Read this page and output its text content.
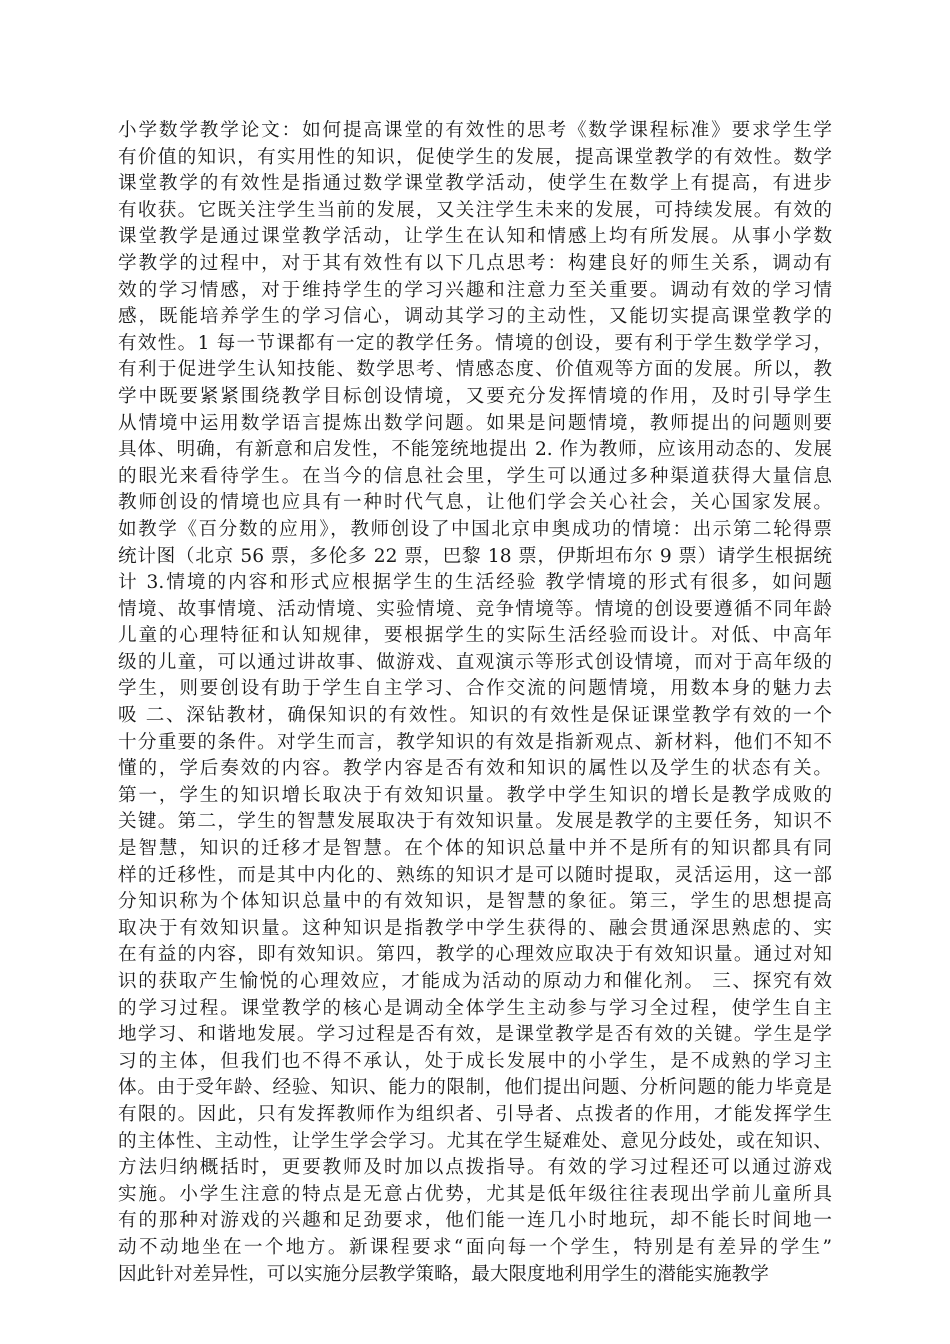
小学数学教学论文：如何提高课堂的有效性的思考《数学课程标准》要求学生学
有价值的知识，有实用性的知识，促使学生的发展，提高课堂教学的有效性。数学
课堂教学的有效性是指通过数学课堂教学活动，使学生在数学上有提高，有进步
有收获。它既关注学生当前的发展，又关注学生未来的发展，可持续发展。有效的
课堂教学是通过课堂教学活动，让学生在认知和情感上均有所发展。从事小学数
学教学的过程中，对于其有效性有以下几点思考：构建良好的师生关系，调动有
效的学习情感，对于维持学生的学习兴趣和注意力至关重要。调动有效的学习情
感，既能培养学生的学习信心，调动其学习的主动性，又能切实提高课堂教学的
有效性。1 每一节课都有一定的教学任务。情境的创设，要有利于学生数学学习，
有利于促进学生认知技能、数学思考、情感态度、价值观等方面的发展。所以，教
学中既要紧紧围绕教学目标创设情境，又要充分发挥情境的作用，及时引导学生
从情境中运用数学语言提炼出数学问题。如果是问题情境，教师提出的问题则要
具体、明确，有新意和启发性，不能笼统地提出 2. 作为教师，应该用动态的、发展
的眼光来看待学生。在当今的信息社会里，学生可以通过多种渠道获得大量信息
教师创设的情境也应具有一种时代气息，让他们学会关心社会，关心国家发展。
如教学《百分数的应用》，教师创设了中国北京申奥成功的情境：出示第二轮得票
统计图（北京 56 票，多伦多 22 票，巴黎 18 票，伊斯坦布尔 9 票）请学生根据统
计 3.情境的内容和形式应根据学生的生活经验 教学情境的形式有很多，如问题
情境、故事情境、活动情境、实验情境、竞争情境等。情境的创设要遵循不同年龄
儿童的心理特征和认知规律，要根据学生的实际生活经验而设计。对低、中高年
级的儿童，可以通过讲故事、做游戏、直观演示等形式创设情境，而对于高年级的
学生，则要创设有助于学生自主学习、合作交流的问题情境，用数本身的魅力去
吸 二、深钻教材，确保知识的有效性。知识的有效性是保证课堂教学有效的一个
十分重要的条件。对学生而言，教学知识的有效是指新观点、新材料，他们不知不
懂的，学后奏效的内容。教学内容是否有效和知识的属性以及学生的状态有关。
第一，学生的知识增长取决于有效知识量。教学中学生知识的增长是教学成败的
关键。第二，学生的智慧发展取决于有效知识量。发展是教学的主要任务，知识不
是智慧，知识的迁移才是智慧。在个体的知识总量中并不是所有的知识都具有同
样的迁移性，而是其中内化的、熟练的知识才是可以随时提取，灵活运用，这一部
分知识称为个体知识总量中的有效知识，是智慧的象征。第三，学生的思想提高
取决于有效知识量。这种知识是指教学中学生获得的、融会贯通深思熟虑的、实
在有益的内容，即有效知识。第四，教学的心理效应取决于有效知识量。通过对知
识的获取产生愉悦的心理效应，才能成为活动的原动力和催化剂。 三、探究有效
的学习过程。课堂教学的核心是调动全体学生主动参与学习全过程，使学生自主
地学习、和谐地发展。学习过程是否有效，是课堂教学是否有效的关键。学生是学
习的主体，但我们也不得不承认，处于成长发展中的小学生，是不成熟的学习主
体。由于受年龄、经验、知识、能力的限制，他们提出问题、分析问题的能力毕竟是
有限的。因此，只有发挥教师作为组织者、引导者、点拨者的作用，才能发挥学生
的主体性、主动性，让学生学会学习。尤其在学生疑难处、意见分歧处，或在知识、
方法归纳概括时，更要教师及时加以点拨指导。有效的学习过程还可以通过游戏
实施。小学生注意的特点是无意占优势，尤其是低年级往往表现出学前儿童所具
有的那种对游戏的兴趣和足劲要求，他们能一连几小时地玩，却不能长时间地一
动不动地坐在一个地方。新课程要求“面向每一个学生，特别是有差异的学生”
因此针对差异性，可以实施分层教学策略，最大限度地利用学生的潜能实施教学
